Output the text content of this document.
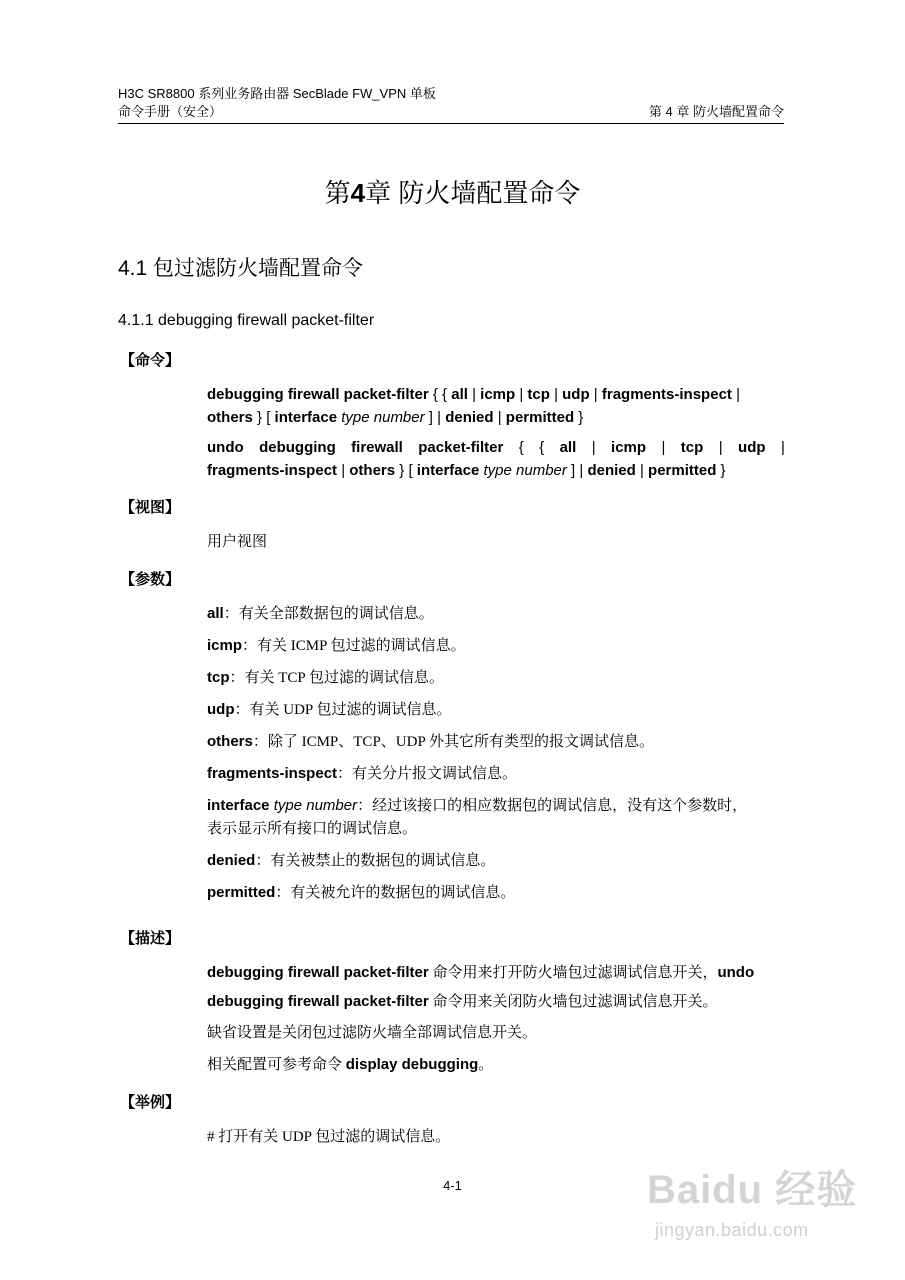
H3C SR8800 系列业务路由器 SecBlade FW_VPN 单板
命令手册（安全）	第 4 章 防火墙配置命令
第4章 防火墙配置命令
4.1 包过滤防火墙配置命令
4.1.1 debugging firewall packet-filter
【命令】
debugging firewall packet-filter { { all | icmp | tcp | udp | fragments-inspect |
others } [ interface type number ] | denied | permitted }
undo debugging firewall packet-filter { { all | icmp | tcp | udp |
fragments-inspect | others } [ interface type number ] | denied | permitted }
【视图】
用户视图
【参数】
all：有关全部数据包的调试信息。
icmp：有关 ICMP 包过滤的调试信息。
tcp：有关 TCP 包过滤的调试信息。
udp：有关 UDP 包过滤的调试信息。
others：除了 ICMP、TCP、UDP 外其它所有类型的报文调试信息。
fragments-inspect：有关分片报文调试信息。
interface type number：经过该接口的相应数据包的调试信息，没有这个参数时，
表示显示所有接口的调试信息。
denied：有关被禁止的数据包的调试信息。
permitted：有关被允许的数据包的调试信息。
【描述】
debugging firewall packet-filter 命令用来打开防火墙包过滤调试信息开关，undo
debugging firewall packet-filter 命令用来关闭防火墙包过滤调试信息开关。
缺省设置是关闭包过滤防火墙全部调试信息开关。
相关配置可参考命令 display debugging。
【举例】
# 打开有关 UDP 包过滤的调试信息。
4-1	Baidu 经验
jingyan.baidu.com
